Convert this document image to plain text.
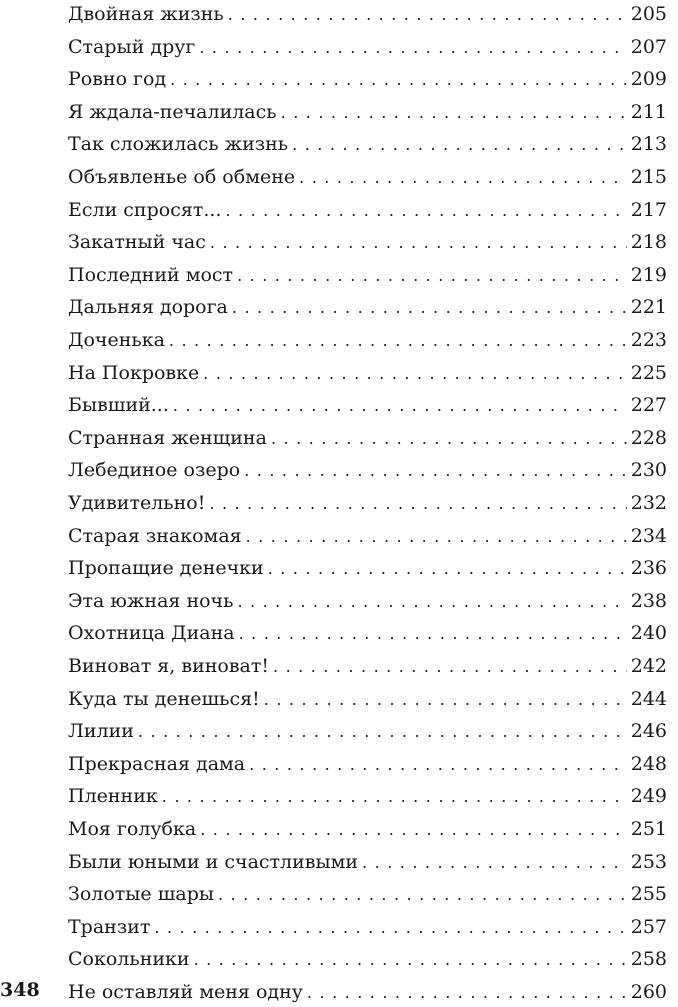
Двойная жизнь . . .	205
Старый друг . . .	207
Ровно год . . .	209
Я ждала-печалилась . . .	211
Так сложилась жизнь . . .	213
Объявленье об обмене . . .	215
Если спросят... . . .	217
Закатный час . . .	218
Последний мост . . .	219
Дальняя дорога . . .	221
Доченька . . .	223
На Покровке . . .	225
Бывший... . . .	227
Странная женщина . . .	228
Лебединое озеро . . .	230
Удивительно! . . .	232
Старая знакомая . . .	234
Пропащие денечки . . .	236
Эта южная ночь . . .	238
Охотница Диана . . .	240
Виноват я, виноват! . . .	242
Куда ты денешься! . . .	244
Лилии . . .	246
Прекрасная дама . . .	248
Пленник . . .	249
Моя голубка . . .	251
Были юными и счастливыми . . .	253
Золотые шары . . .	255
Транзит . . .	257
Сокольники . . .	258
Не оставляй меня одну . . .	260
348
